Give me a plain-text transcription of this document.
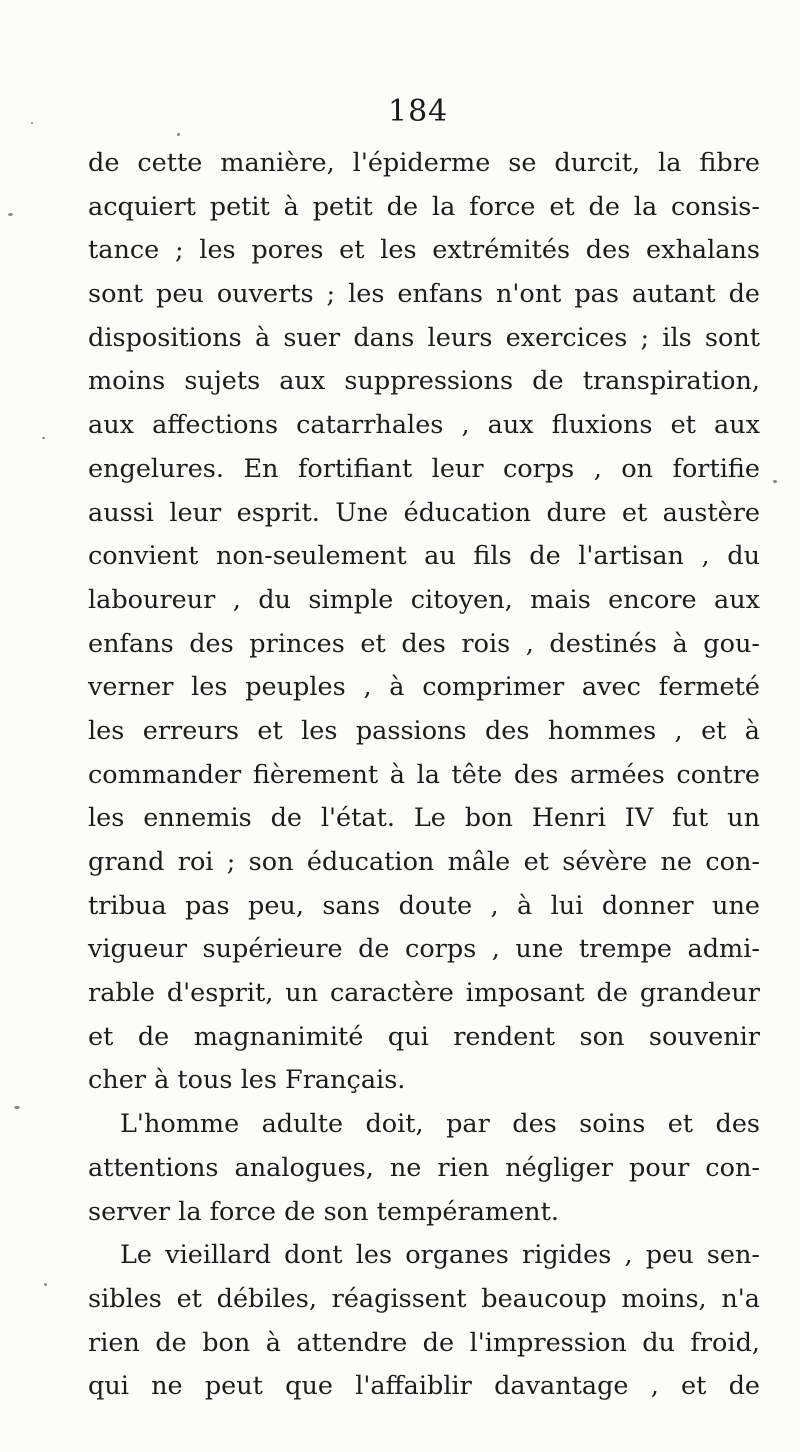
184
de cette manière, l'épiderme se durcit, la fibre
acquiert petit à petit de la force et de la consis-
tance ; les pores et les extrémités des exhalans
sont peu ouverts ; les enfans n'ont pas autant de
dispositions à suer dans leurs exercices ; ils sont
moins sujets aux suppressions de transpiration,
aux affections catarrhales , aux fluxions et aux
engelures. En fortifiant leur corps , on fortifie
aussi leur esprit. Une éducation dure et austère
convient non-seulement au fils de l'artisan , du
laboureur , du simple citoyen, mais encore aux
enfans des princes et des rois , destinés à gou-
verner les peuples , à comprimer avec fermeté
les erreurs et les passions des hommes , et à
commander fièrement à la tête des armées contre
les ennemis de l'état. Le bon Henri IV fut un
grand roi ; son éducation mâle et sévère ne con-
tribua pas peu, sans doute , à lui donner une
vigueur supérieure de corps , une trempe admi-
rable d'esprit, un caractère imposant de grandeur
et de magnanimité qui rendent son souvenir
cher à tous les Français.
L'homme adulte doit, par des soins et des
attentions analogues, ne rien négliger pour con-
server la force de son tempérament.
Le vieillard dont les organes rigides , peu sen-
sibles et débiles, réagissent beaucoup moins, n'a
rien de bon à attendre de l'impression du froid,
qui ne peut que l'affaiblir davantage , et de
